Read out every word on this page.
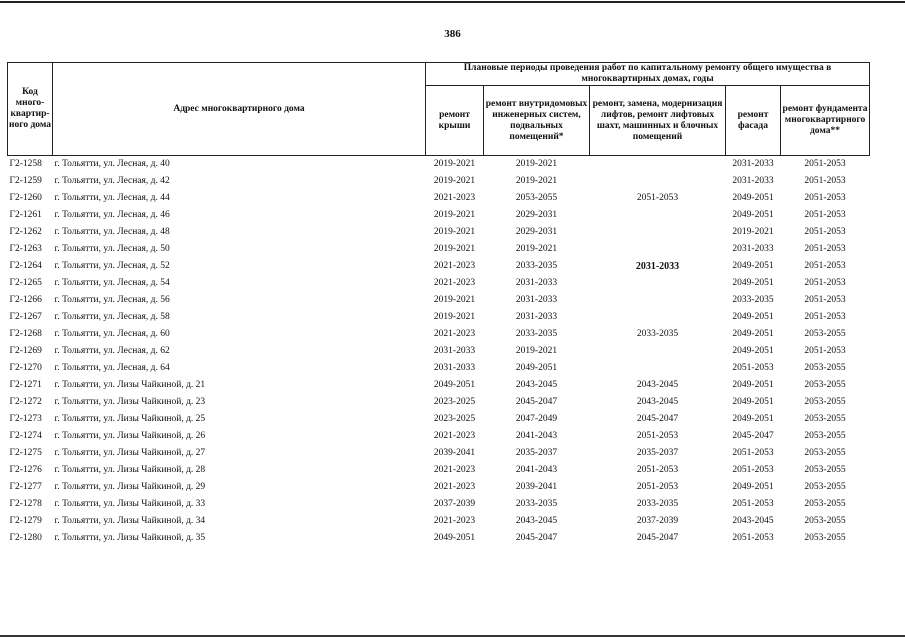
386
Код много-квартир-ного дома	Адрес многоквартирного дома	Плановые периоды проведения работ по капитальному ремонту общего имущества в многоквартирных домах, годы				
		ремонт крыши	ремонт внутридомовых инженерных систем, подвальных помещений*	ремонт, замена, модернизация лифтов, ремонт лифтовых шахт, машинных и блочных помещений	ремонт фасада	ремонт фундамента многоквартирного дома**
Г2-1258	г. Тольятти, ул. Лесная, д. 40	2019-2021	2019-2021		2031-2033	2051-2053
Г2-1259	г. Тольятти, ул. Лесная, д. 42	2019-2021	2019-2021		2031-2033	2051-2053
Г2-1260	г. Тольятти, ул. Лесная, д. 44	2021-2023	2053-2055	2051-2053	2049-2051	2051-2053
Г2-1261	г. Тольятти, ул. Лесная, д. 46	2019-2021	2029-2031		2049-2051	2051-2053
Г2-1262	г. Тольятти, ул. Лесная, д. 48	2019-2021	2029-2031		2019-2021	2051-2053
Г2-1263	г. Тольятти, ул. Лесная, д. 50	2019-2021	2019-2021		2031-2033	2051-2053
Г2-1264	г. Тольятти, ул. Лесная, д. 52	2021-2023	2033-2035	2031-2033	2049-2051	2051-2053
Г2-1265	г. Тольятти, ул. Лесная, д. 54	2021-2023	2031-2033		2049-2051	2051-2053
Г2-1266	г. Тольятти, ул. Лесная, д. 56	2019-2021	2031-2033		2033-2035	2051-2053
Г2-1267	г. Тольятти, ул. Лесная, д. 58	2019-2021	2031-2033		2049-2051	2051-2053
Г2-1268	г. Тольятти, ул. Лесная, д. 60	2021-2023	2033-2035	2033-2035	2049-2051	2053-2055
Г2-1269	г. Тольятти, ул. Лесная, д. 62	2031-2033	2019-2021		2049-2051	2051-2053
Г2-1270	г. Тольятти, ул. Лесная, д. 64	2031-2033	2049-2051		2051-2053	2053-2055
Г2-1271	г. Тольятти, ул. Лизы Чайкиной, д. 21	2049-2051	2043-2045	2043-2045	2049-2051	2053-2055
Г2-1272	г. Тольятти, ул. Лизы Чайкиной, д. 23	2023-2025	2045-2047	2043-2045	2049-2051	2053-2055
Г2-1273	г. Тольятти, ул. Лизы Чайкиной, д. 25	2023-2025	2047-2049	2045-2047	2049-2051	2053-2055
Г2-1274	г. Тольятти, ул. Лизы Чайкиной, д. 26	2021-2023	2041-2043	2051-2053	2045-2047	2053-2055
Г2-1275	г. Тольятти, ул. Лизы Чайкиной, д. 27	2039-2041	2035-2037	2035-2037	2051-2053	2053-2055
Г2-1276	г. Тольятти, ул. Лизы Чайкиной, д. 28	2021-2023	2041-2043	2051-2053	2051-2053	2053-2055
Г2-1277	г. Тольятти, ул. Лизы Чайкиной, д. 29	2021-2023	2039-2041	2051-2053	2049-2051	2053-2055
Г2-1278	г. Тольятти, ул. Лизы Чайкиной, д. 33	2037-2039	2033-2035	2033-2035	2051-2053	2053-2055
Г2-1279	г. Тольятти, ул. Лизы Чайкиной, д. 34	2021-2023	2043-2045	2037-2039	2043-2045	2053-2055
Г2-1280	г. Тольятти, ул. Лизы Чайкиной, д. 35	2049-2051	2045-2047	2045-2047	2051-2053	2053-2055
